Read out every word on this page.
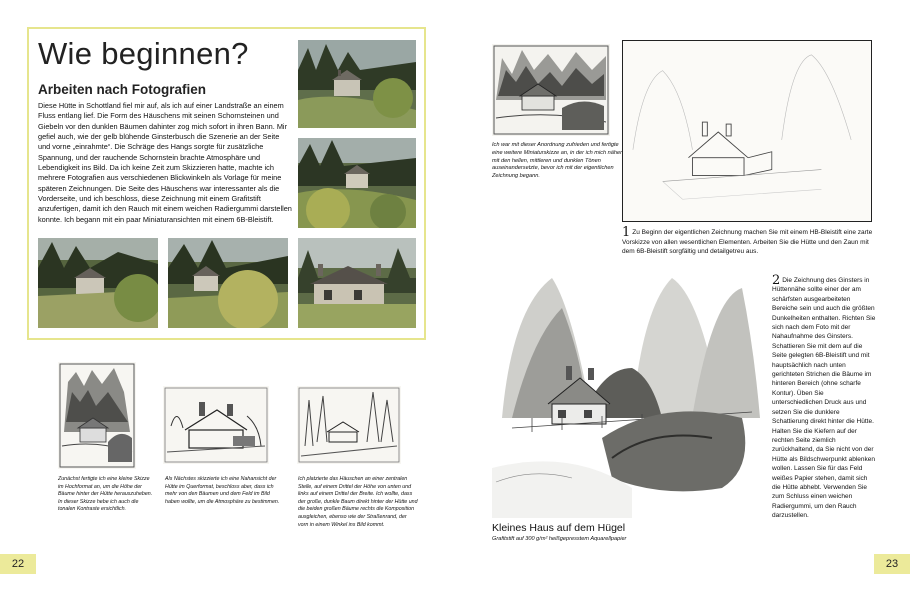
Wie beginnen?
Arbeiten nach Fotografien

Diese Hütte in Schottland fiel mir auf, als ich auf einer Landstraße an einem Fluss entlang lief. Die Form des Häuschens mit seinen Schornsteinen und Giebeln vor den dunklen Bäumen dahinter zog mich sofort in ihren Bann. Mir gefiel auch, wie der gelb blühende Ginsterbusch die Szenerie an der Seite und vorne „einrahmte“. Die Schräge des Hangs sorgte für zusätzliche Spannung, und der rauchende Schornstein brachte Atmosphäre und Lebendigkeit ins Bild. Da ich keine Zeit zum Skizzieren hatte, machte ich mehrere Fotografien aus verschiedenen Blickwinkeln als Vorlage für meine späteren Zeichnungen. Die Seite des Häuschens war interessanter als die Vorderseite, und ich beschloss, diese Zeichnung mit einem Grafitstift anzufertigen, damit ich den Rauch mit einem weichen Radiergummi darstellen konnte. Ich begann mit ein paar Miniaturansichten mit einem 6B-Bleistift.

Zunächst fertigte ich eine kleine Skizze im Hochformat an, um die Höhe der Bäume hinter der Hütte herauszuheben. In dieser Skizze hebe ich auch die tonalen Kontraste ersichtlich.

Als Nächstes skizzierte ich eine Nahansicht der Hütte im Querformat, beschloss aber, dass ich mehr von den Bäumen und dem Feld im Bild haben wollte, um die Atmosphäre zu bestimmen.

Ich platzierte das Häuschen an einer zentralen Stelle, auf einem Drittel der Höhe von unten und links auf einem Drittel der Breite. Ich wollte, dass der große, dunkle Baum direkt hinter der Hütte und die beiden großen Bäume rechts die Komposition ausgleichen, ebenso wie der Straßenrand, der vorn in einem Winkel ins Bild kommt.

22

Ich war mit dieser Anordnung zufrieden und fertigte eine weitere Miniaturskizze an, in der ich mich näher mit den hellen, mittleren und dunklen Tönen auseinandersetzte, bevor ich mit der eigentlichen Zeichnung begann.

1 Zu Beginn der eigentlichen Zeichnung machen Sie mit einem HB-Bleistift eine zarte Vorskizze von allen wesentlichen Elementen. Arbeiten Sie die Hütte und den Zaun mit dem 6B-Bleistift sorgfältig und detailgetreu aus.

Kleines Haus auf dem Hügel

Grafitstift auf 300 g/m² heißgepresstem Aquarellpapier

2 Die Zeichnung des Ginsters in Hüttennähe sollte einer der am schärfsten ausgearbeiteten Bereiche sein und auch die größten Dunkelheiten enthalten. Richten Sie sich nach dem Foto mit der Nahaufnahme des Ginsters. Schattieren Sie mit dem auf die Seite gelegten 6B-Bleistift und mit hauptsächlich nach unten gerichteten Strichen die Bäume im hinteren Bereich (ohne scharfe Kontur). Üben Sie unterschiedlichen Druck aus und setzen Sie die dunklere Schattierung direkt hinter die Hütte. Halten Sie die Kiefern auf der rechten Seite ziemlich zurückhaltend, da Sie nicht von der Hütte als Bildschwerpunkt ablenken wollen. Lassen Sie für das Feld weißes Papier stehen, damit sich die Hütte abhebt. Verwenden Sie zum Schluss einen weichen Radiergummi, um den Rauch darzustellen.

23
